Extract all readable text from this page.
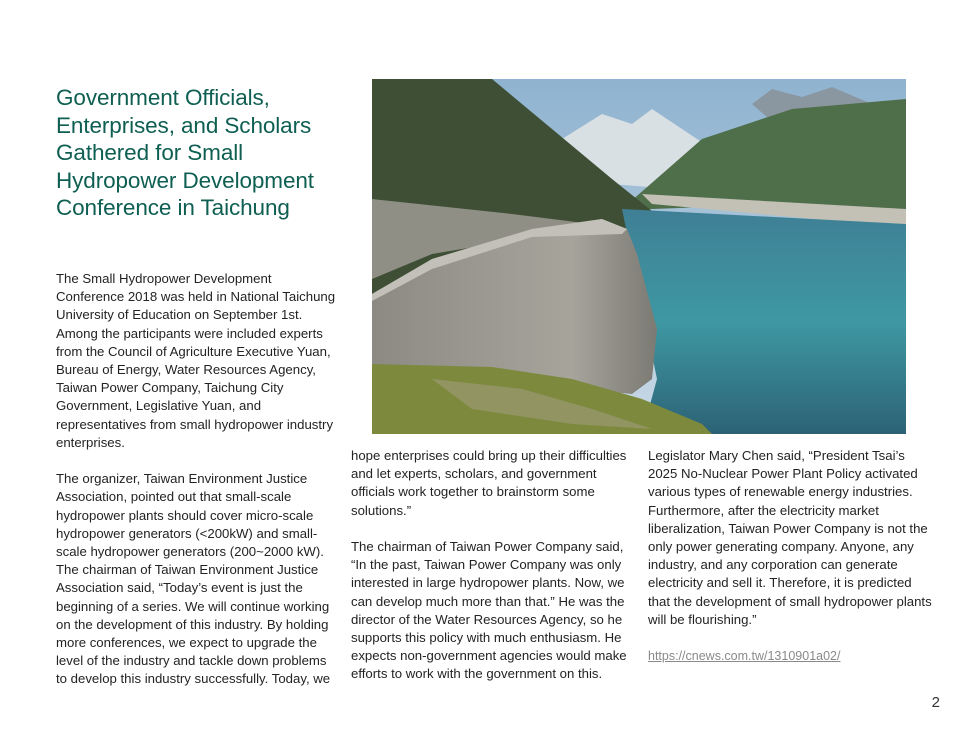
Government Officials, Enterprises, and Scholars Gathered for Small Hydropower Development Conference in Taichung

The Small Hydropower Development Conference 2018 was held in National Taichung University of Education on September 1st. Among the participants were included experts from the Council of Agriculture Executive Yuan, Bureau of Energy, Water Resources Agency, Taiwan Power Company, Taichung City Government, Legislative Yuan, and representatives from small hydropower industry enterprises.

The organizer, Taiwan Environment Justice Association, pointed out that small-scale hydropower plants should cover micro-scale hydropower generators (<200kW) and small-scale hydropower generators (200~2000 kW). The chairman of Taiwan Environment Justice Association said, “Today’s event is just the beginning of a series. We will continue working on the development of this industry. By holding more conferences, we expect to upgrade the level of the industry and tackle down problems to develop this industry successfully. Today, we

hope enterprises could bring up their difficulties and let experts, scholars, and government officials work together to brainstorm some solutions.”

The chairman of Taiwan Power Company said, “In the past, Taiwan Power Company was only interested in large hydropower plants. Now, we can develop much more than that.” He was the director of the Water Resources Agency, so he supports this policy with much enthusiasm. He expects non-government agencies would make efforts to work with the government on this.

Legislator Mary Chen said, “President Tsai’s 2025 No-Nuclear Power Plant Policy activated various types of renewable energy industries. Furthermore, after the electricity market liberalization, Taiwan Power Company is not the only power generating company. Anyone, any industry, and any corporation can generate electricity and sell it. Therefore, it is predicted that the development of small hydropower plants will be flourishing.”

https://cnews.com.tw/1310901a02/

2
